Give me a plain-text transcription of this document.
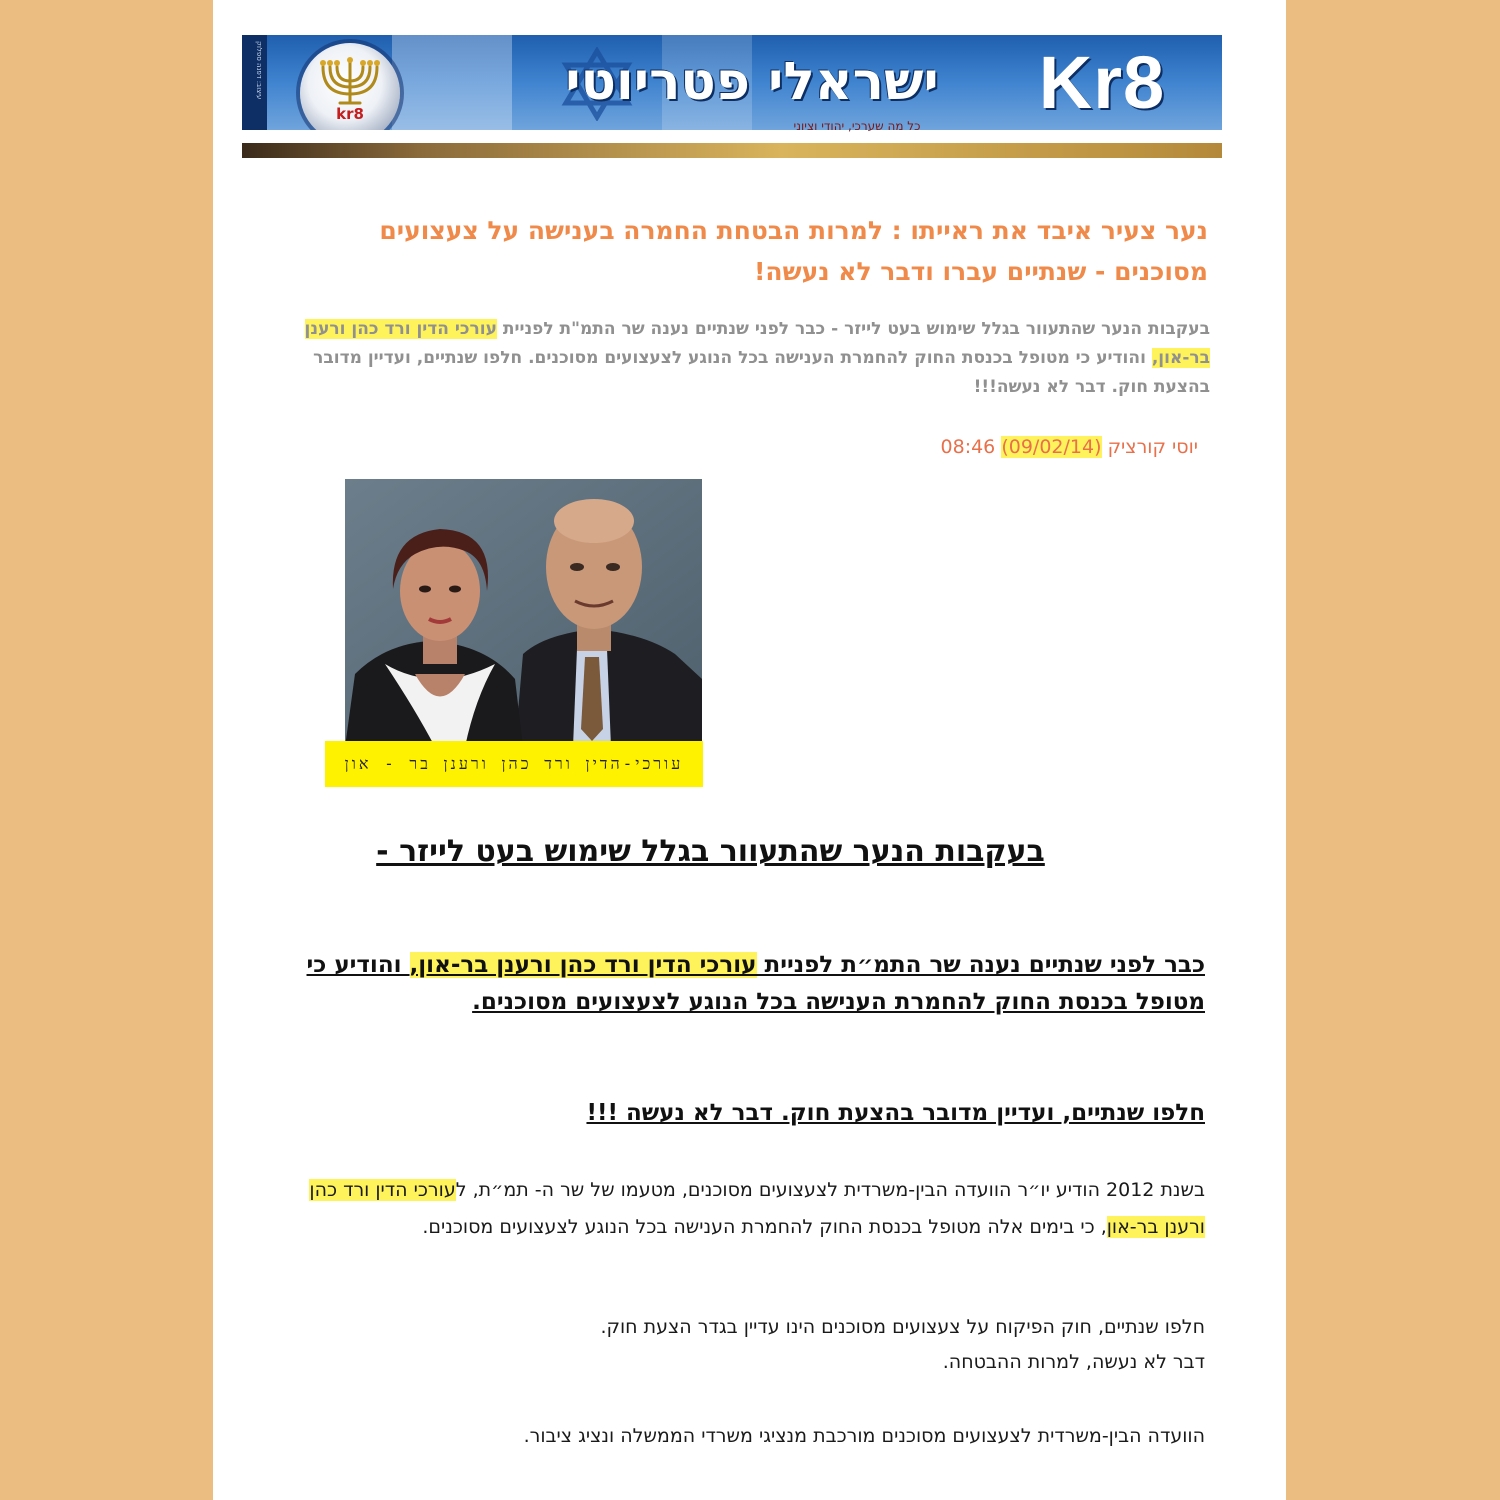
עיצוב: דפנה ספלוק
kr8
ישראלי פטריוטי	Kr8
כל מה שערכי, יהודי וציוני
נער צעיר איבד את ראייתו : למרות הבטחת החמרה בענישה על צעצועים מסוכנים - שנתיים עברו ודבר לא נעשה!
בעקבות הנער שהתעוור בגלל שימוש בעט לייזר - כבר לפני שנתיים נענה שר התמ"ת לפניית עורכי הדין ורד כהן ורענן בר-און, והודיע כי מטופל בכנסת החוק להחמרת הענישה בכל הנוגע לצעצועים מסוכנים. חלפו שנתיים, ועדיין מדובר בהצעת חוק. דבר לא נעשה!!!
יוסי קורציק (09/02/14) 08:46
עורכי-הדין ורד כהן ורענן בר - און
בעקבות הנער שהתעוור בגלל שימוש בעט לייזר -
כבר לפני שנתיים נענה שר התמ״ת לפניית עורכי הדין ורד כהן ורענן בר-און, והודיע כי מטופל בכנסת החוק להחמרת הענישה בכל הנוגע לצעצועים מסוכנים.
חלפו שנתיים, ועדיין מדובר בהצעת חוק. דבר לא נעשה !!!
בשנת 2012 הודיע יו״ר הוועדה הבין-משרדית לצעצועים מסוכנים, מטעמו של שר ה- תמ״ת, לעורכי הדין ורד כהן ורענן בר-און, כי בימים אלה מטופל בכנסת החוק להחמרת הענישה בכל הנוגע לצעצועים מסוכנים.
חלפו שנתיים, חוק הפיקוח על צעצועים מסוכנים הינו עדיין בגדר הצעת חוק.
דבר לא נעשה, למרות ההבטחה.
הוועדה הבין-משרדית לצעצועים מסוכנים מורכבת מנציגי משרדי הממשלה ונציג ציבור.
